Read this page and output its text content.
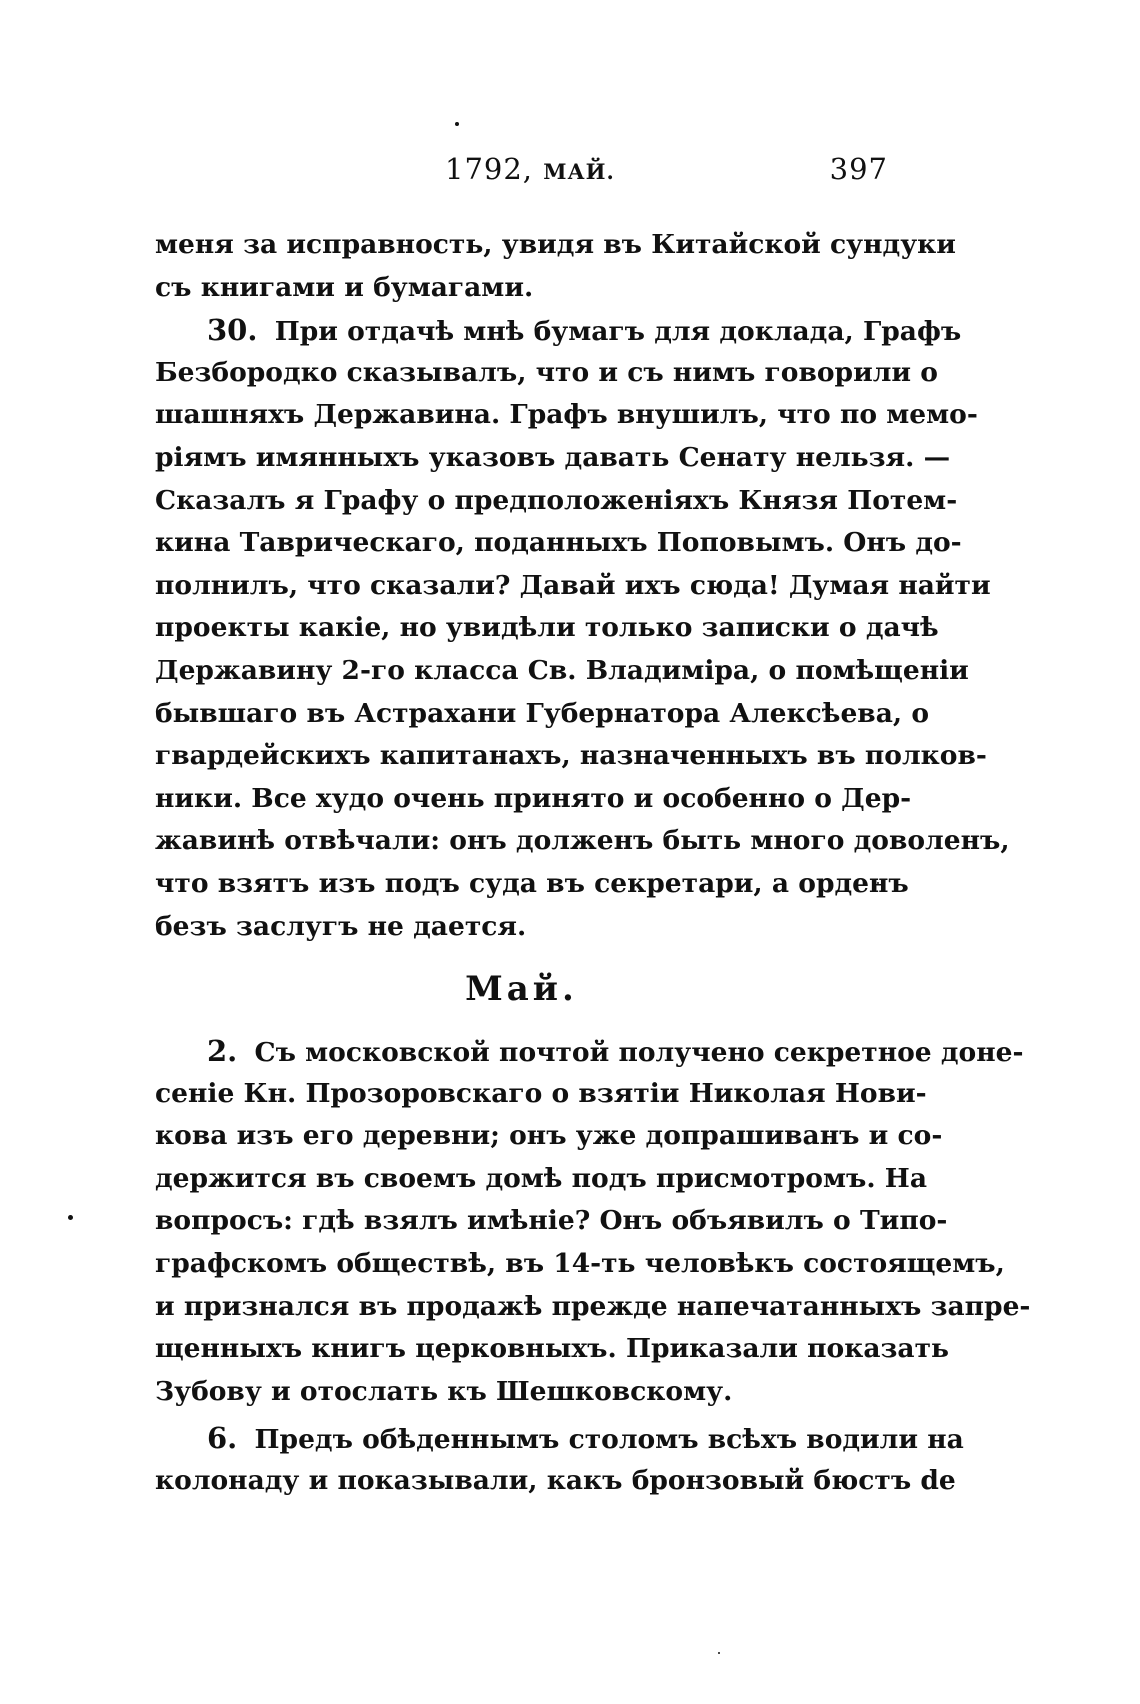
1792, МАЙ.	397
меня за исправность, увидя въ Китайской сундуки
съ книгами и бумагами.
30. При отдачѣ мнѣ бумагъ для доклада, Графъ
Безбородко сказывалъ, что и съ нимъ говорили о
шашняхъ Державина. Графъ внушилъ, что по мемо-
ріямъ имянныхъ указовъ давать Сенату нельзя. —
Сказалъ я Графу о предположеніяхъ Князя Потем-
кина Таврическаго, поданныхъ Поповымъ. Онъ до-
полнилъ, что сказали? Давай ихъ сюда! Думая найти
проекты какіе, но увидѣли только записки о дачѣ
Державину 2-го класса Св. Владиміра, о помѣщеніи
бывшаго въ Астрахани Губернатора Алексѣева, о
гвардейскихъ капитанахъ, назначенныхъ въ полков-
ники. Все худо очень принято и особенно о Дер-
жавинѣ отвѣчали: онъ долженъ быть много доволенъ,
что взятъ изъ подъ суда въ секретари, а орденъ
безъ заслугъ не дается.
Май.
2. Съ московской почтой получено секретное доне-
сеніе Кн. Прозоровскаго о взятіи Николая Нови-
кова изъ его деревни; онъ уже допрашиванъ и со-
держится въ своемъ домѣ подъ присмотромъ. На
вопросъ: гдѣ взялъ имѣніе? Онъ объявилъ о Типо-
графскомъ обществѣ, въ 14-ть человѣкъ состоящемъ,
и признался въ продажѣ прежде напечатанныхъ запре-
щенныхъ книгъ церковныхъ. Приказали показать
Зубову и отослать къ Шешковскому.
6. Предъ обѣденнымъ столомъ всѣхъ водили на
колонаду и показывали, какъ бронзовый бюстъ de
